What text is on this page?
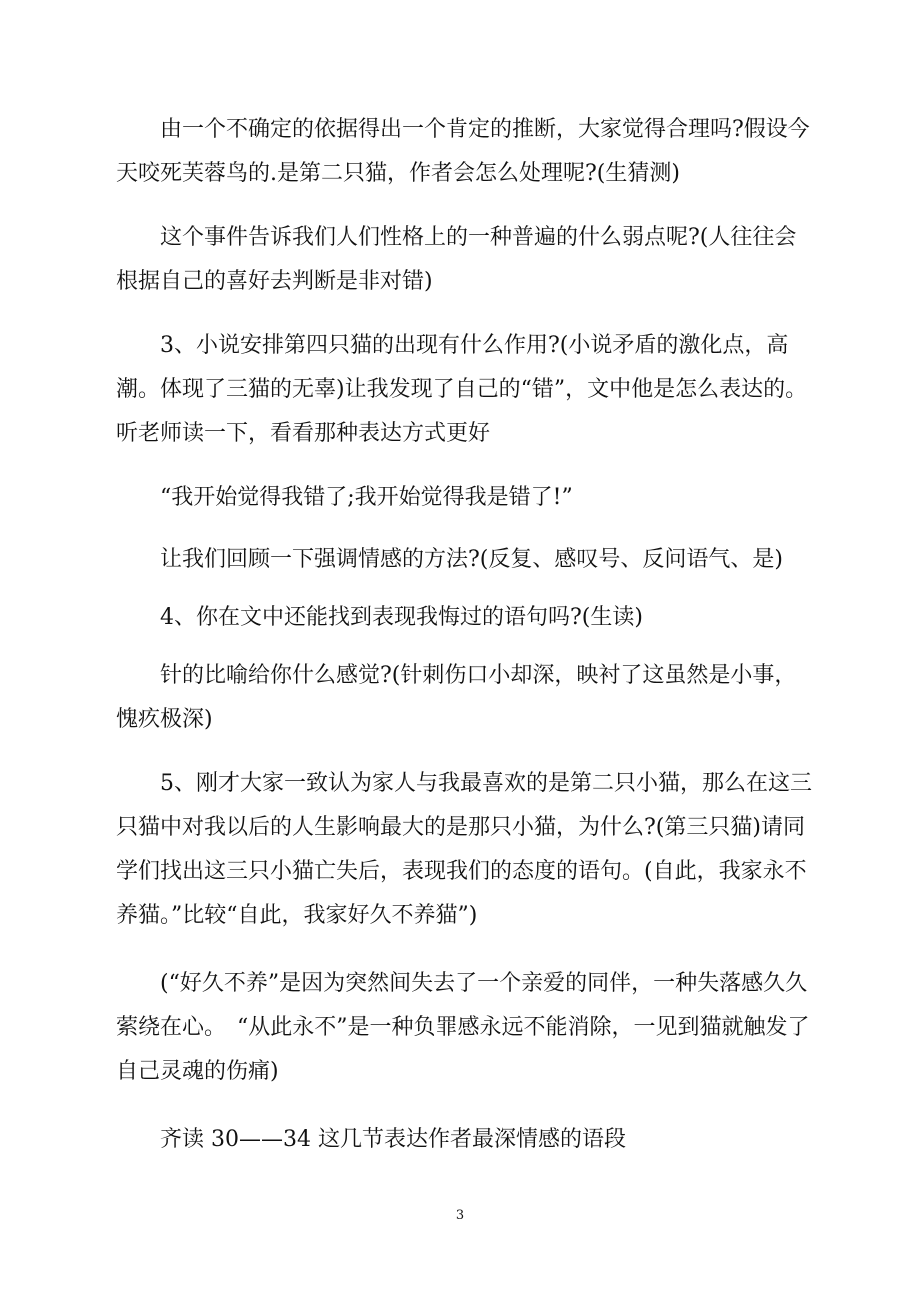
由一个不确定的依据得出一个肯定的推断，大家觉得合理吗?假设今天咬死芙蓉鸟的.是第二只猫，作者会怎么处理呢?(生猜测)

这个事件告诉我们人们性格上的一种普遍的什么弱点呢?(人往往会根据自己的喜好去判断是非对错)

3、小说安排第四只猫的出现有什么作用?(小说矛盾的激化点，高潮。体现了三猫的无辜)让我发现了自己的“错”，文中他是怎么表达的。听老师读一下，看看那种表达方式更好

“我开始觉得我错了;我开始觉得我是错了!”

让我们回顾一下强调情感的方法?(反复、感叹号、反问语气、是)

4、你在文中还能找到表现我悔过的语句吗?(生读)

针的比喻给你什么感觉?(针刺伤口小却深，映衬了这虽然是小事，愧疚极深)

5、刚才大家一致认为家人与我最喜欢的是第二只小猫，那么在这三只猫中对我以后的人生影响最大的是那只小猫，为什么?(第三只猫)请同学们找出这三只小猫亡失后，表现我们的态度的语句。(自此，我家永不养猫。”比较“自此，我家好久不养猫”)

(“好久不养”是因为突然间失去了一个亲爱的同伴，一种失落感久久萦绕在心。　“从此永不”是一种负罪感永远不能消除，一见到猫就触发了自己灵魂的伤痛)

齐读 30——34 这几节表达作者最深情感的语段

3
